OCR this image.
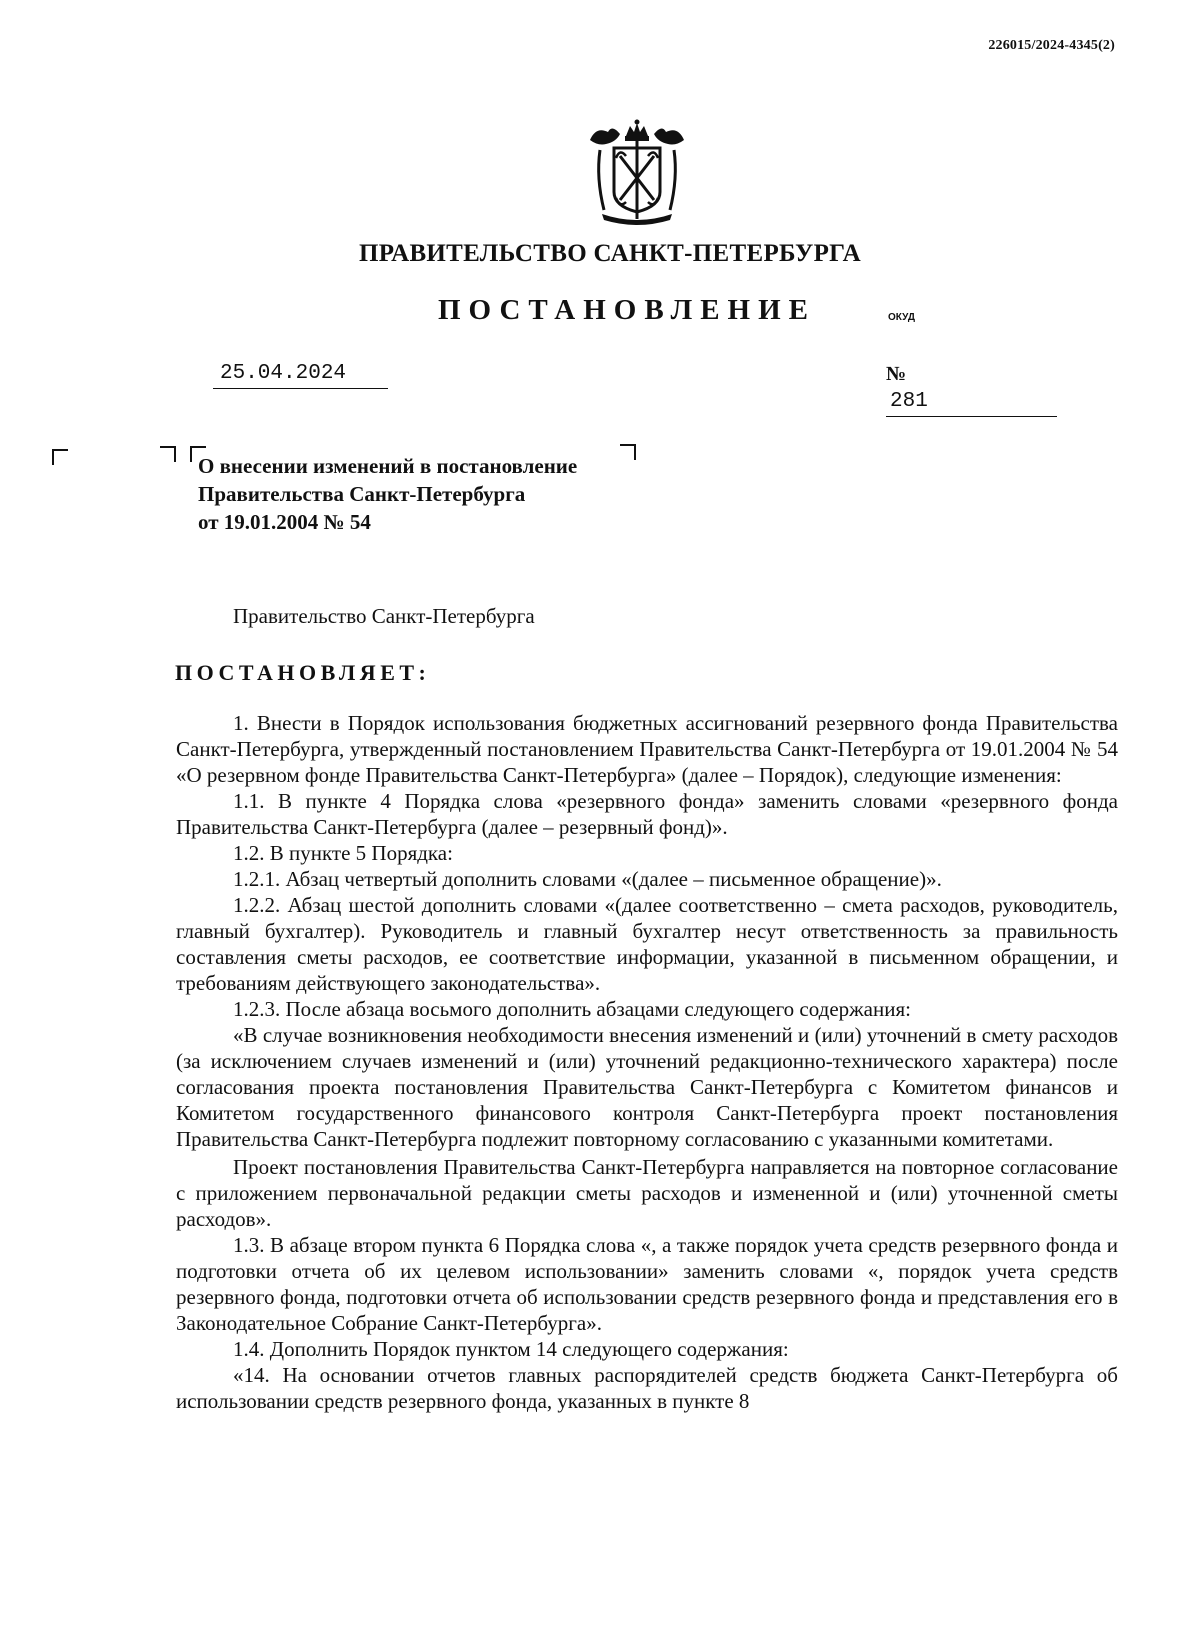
226015/2024-4345(2)
ПРАВИТЕЛЬСТВО САНКТ-ПЕТЕРБУРГА
ПОСТАНОВЛЕНИЕ	ОКУД
25.04.2024	№ 281
О внесении изменений в постановление
Правительства Санкт-Петербурга
от 19.01.2004 № 54
Правительство Санкт-Петербурга
ПОСТАНОВЛЯЕТ:

1. Внести в Порядок использования бюджетных ассигнований резервного фонда Правительства Санкт-Петербурга, утвержденный постановлением Правительства Санкт-Петербурга от 19.01.2004 № 54 «О резервном фонде Правительства Санкт-Петербурга» (далее – Порядок), следующие изменения:

1.1. В пункте 4 Порядка слова «резервного фонда» заменить словами «резервного фонда Правительства Санкт-Петербурга (далее – резервный фонд)».

1.2. В пункте 5 Порядка:

1.2.1. Абзац четвертый дополнить словами «(далее – письменное обращение)».

1.2.2. Абзац шестой дополнить словами «(далее соответственно – смета расходов, руководитель, главный бухгалтер). Руководитель и главный бухгалтер несут ответственность за правильность составления сметы расходов, ее соответствие информации, указанной в письменном обращении, и требованиям действующего законодательства».

1.2.3. После абзаца восьмого дополнить абзацами следующего содержания:

«В случае возникновения необходимости внесения изменений и (или) уточнений в смету расходов (за исключением случаев изменений и (или) уточнений редакционно-технического характера) после согласования проекта постановления Правительства Санкт-Петербурга с Комитетом финансов и Комитетом государственного финансового контроля Санкт-Петербурга проект постановления Правительства Санкт-Петербурга подлежит повторному согласованию с указанными комитетами.

Проект постановления Правительства Санкт-Петербурга направляется на повторное согласование с приложением первоначальной редакции сметы расходов и измененной и (или) уточненной сметы расходов».

1.3. В абзаце втором пункта 6 Порядка слова «, а также порядок учета средств резервного фонда и подготовки отчета об их целевом использовании» заменить словами «, порядок учета средств резервного фонда, подготовки отчета об использовании средств резервного фонда и представления его в Законодательное Собрание Санкт-Петербурга».

1.4. Дополнить Порядок пунктом 14 следующего содержания:

«14. На основании отчетов главных распорядителей средств бюджета Санкт-Петербурга об использовании средств резервного фонда, указанных в пункте 8
